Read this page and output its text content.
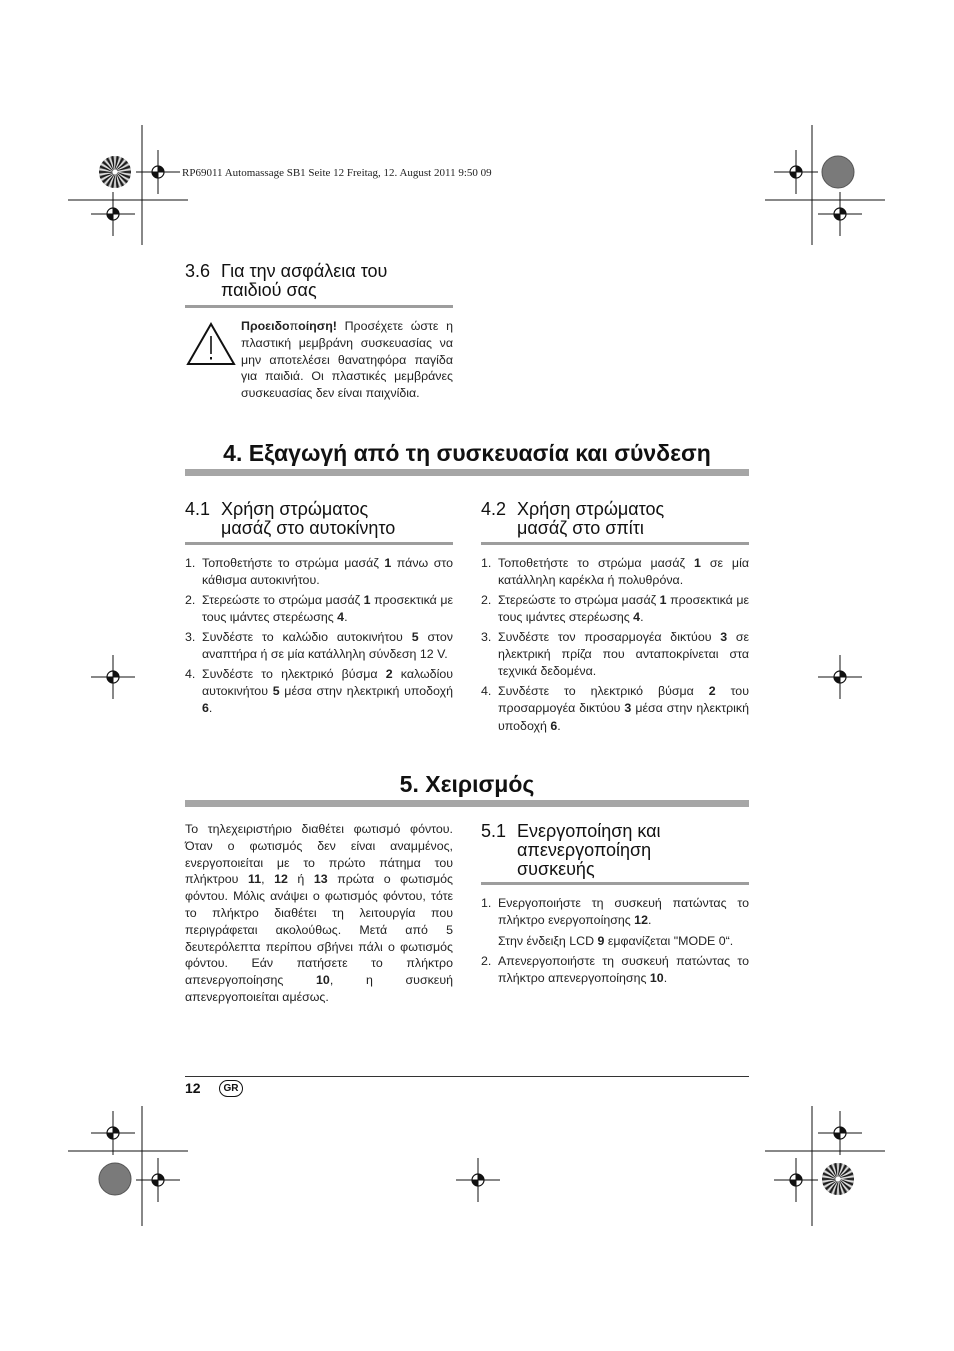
RP69011 Automassage SB1 Seite 12 Freitag, 12. August 2011 9:50 09
3.6 Για την ασφάλεια του
παιδιού σας
Προειδοποίηση! Προσέχετε ώστε η πλαστική μεμβράνη συσκευασίας να μην αποτελέσει θανατηφόρα παγίδα για παιδιά. Οι πλαστικές μεμβράνες συσκευασίας δεν είναι παιχνίδια.
4. Εξαγωγή από τη συσκευασία και σύνδεση
4.1 Χρήση στρώματος
μασάζ στο αυτοκίνητο
1. Τοποθετήστε το στρώμα μασάζ 1 πάνω στο κάθισμα αυτοκινήτου.
2. Στερεώστε το στρώμα μασάζ 1 προσεκτικά με τους ιμάντες στερέωσης 4.
3. Συνδέστε το καλώδιο αυτοκινήτου 5 στον αναπτήρα ή σε μία κατάλληλη σύνδεση 12 V.
4. Συνδέστε το ηλεκτρικό βύσμα 2 καλωδίου αυτοκινήτου 5 μέσα στην ηλεκτρική υποδοχή 6.
4.2 Χρήση στρώματος
μασάζ στο σπίτι
1. Τοποθετήστε το στρώμα μασάζ 1 σε μία κατάλληλη καρέκλα ή πολυθρόνα.
2. Στερεώστε το στρώμα μασάζ 1 προσεκτικά με τους ιμάντες στερέωσης 4.
3. Συνδέστε τον προσαρμογέα δικτύου 3 σε ηλεκτρική πρίζα που ανταποκρίνεται στα τεχνικά δεδομένα.
4. Συνδέστε το ηλεκτρικό βύσμα 2 του προσαρμογέα δικτύου 3 μέσα στην ηλεκτρική υποδοχή 6.
5. Χειρισμός
Το τηλεχειριστήριο διαθέτει φωτισμό φόντου. Όταν ο φωτισμός δεν είναι αναμμένος, ενεργοποιείται με το πρώτο πάτημα του πλήκτρου 11, 12 ή 13 πρώτα ο φωτισμός φόντου. Μόλις ανάψει ο φωτισμός φόντου, τότε το πλήκτρο διαθέτει τη λειτουργία που περιγράφεται ακολούθως. Μετά από 5 δευτερόλεπτα περίπου σβήνει πάλι ο φωτισμός φόντου. Εάν πατήσετε το πλήκτρο απενεργοποίησης 10, η συσκευή απενεργοποιείται αμέσως.
5.1 Ενεργοποίηση και
απενεργοποίηση
συσκευής
1. Ενεργοποιήστε τη συσκευή πατώντας το πλήκτρο ενεργοποίησης 12.
Στην ένδειξη LCD 9 εμφανίζεται "MODE 0“.
2. Απενεργοποιήστε τη συσκευή πατώντας το πλήκτρο απενεργοποίησης 10.
12	GR
